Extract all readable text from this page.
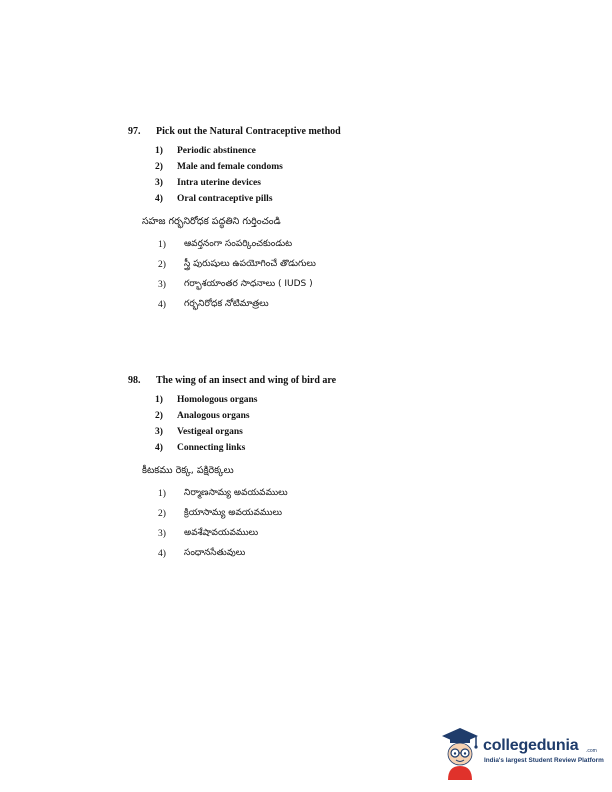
97. Pick out the Natural Contraceptive method
1)	Periodic abstinence
2)	Male and female condoms
3)	Intra uterine devices
4)	Oral contraceptive pills
సహజ గర్భనిరోధక పద్ధతిని గుర్తించండి
1)	ఆవర్తనంగా సంపర్కించకుండుట
2)	స్త్రీ పురుషులు ఉపయోగించే తొడుగులు
3)	గర్భాశయాంతర సాధనాలు ( IUDS )
4)	గర్భనిరోధక నోటిమాత్రలు
98. The wing of an insect and wing of bird are
1)	Homologous organs
2)	Analogous organs
3)	Vestigeal organs
4)	Connecting links
కీటకము రెక్క, పక్షిరెక్కలు
1)	నిర్మాణసామ్య అవయవములు
2)	క్రియాసామ్య అవయవములు
3)	అవశేషావయవములు
4)	సంధానసేతువులు
collegedunia .com
India's largest Student Review Platform
